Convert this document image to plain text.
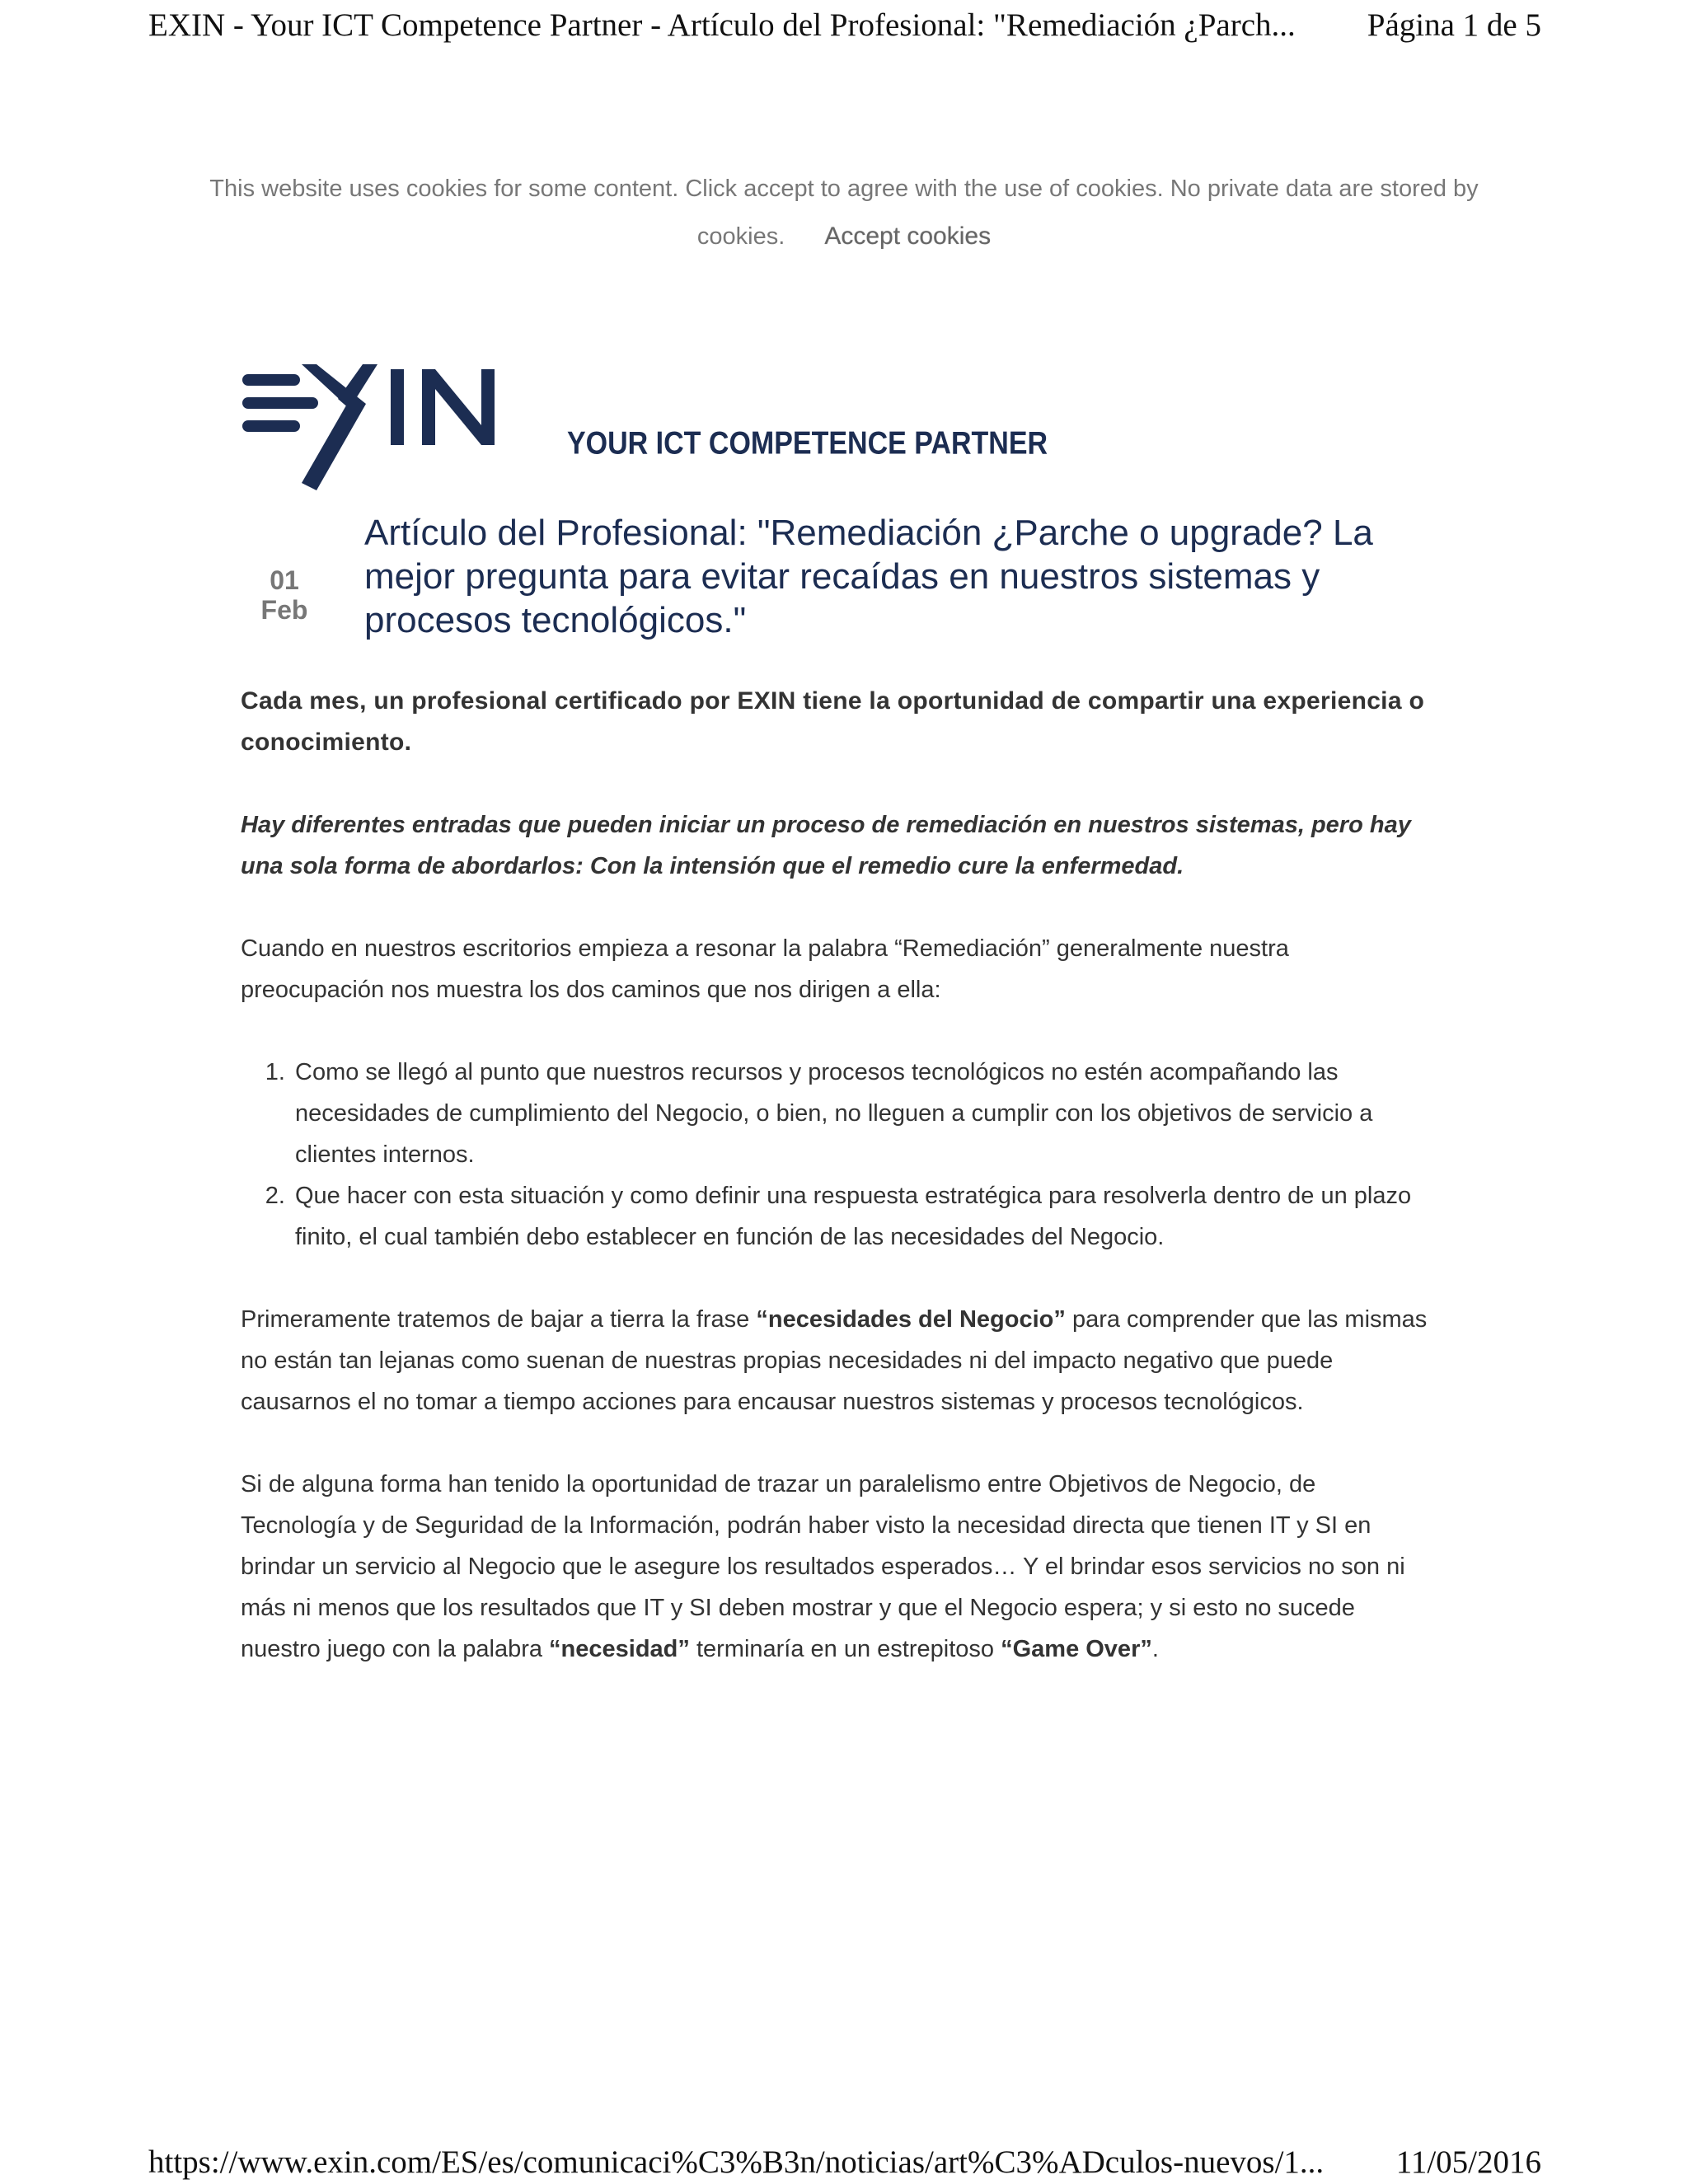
EXIN - Your ICT Competence Partner - Artículo del Profesional: "Remediación ¿Parch... Página 1 de 5
This website uses cookies for some content. Click accept to agree with the use of cookies. No private data are stored by cookies. Accept cookies
YOUR ICT COMPETENCE PARTNER
01
Feb
Artículo del Profesional: "Remediación ¿Parche o upgrade? La mejor pregunta para evitar recaídas en nuestros sistemas y procesos tecnológicos."

Cada mes, un profesional certificado por EXIN tiene la oportunidad de compartir una experiencia o conocimiento.

Hay diferentes entradas que pueden iniciar un proceso de remediación en nuestros sistemas, pero hay una sola forma de abordarlos: Con la intensión que el remedio cure la enfermedad.

Cuando en nuestros escritorios empieza a resonar la palabra “Remediación” generalmente nuestra preocupación nos muestra los dos caminos que nos dirigen a ella:

1. Como se llegó al punto que nuestros recursos y procesos tecnológicos no estén acompañando las necesidades de cumplimiento del Negocio, o bien, no lleguen a cumplir con los objetivos de servicio a clientes internos.
2. Que hacer con esta situación y como definir una respuesta estratégica para resolverla dentro de un plazo finito, el cual también debo establecer en función de las necesidades del Negocio.

Primeramente tratemos de bajar a tierra la frase “necesidades del Negocio” para comprender que las mismas no están tan lejanas como suenan de nuestras propias necesidades ni del impacto negativo que puede causarnos el no tomar a tiempo acciones para encausar nuestros sistemas y procesos tecnológicos.

Si de alguna forma han tenido la oportunidad de trazar un paralelismo entre Objetivos de Negocio, de Tecnología y de Seguridad de la Información, podrán haber visto la necesidad directa que tienen IT y SI en brindar un servicio al Negocio que le asegure los resultados esperados… Y el brindar esos servicios no son ni más ni menos que los resultados que IT y SI deben mostrar y que el Negocio espera; y si esto no sucede nuestro juego con la palabra “necesidad” terminaría en un estrepitoso “Game Over”.

https://www.exin.com/ES/es/comunicaci%C3%B3n/noticias/art%C3%ADculos-nuevos/1... 11/05/2016
